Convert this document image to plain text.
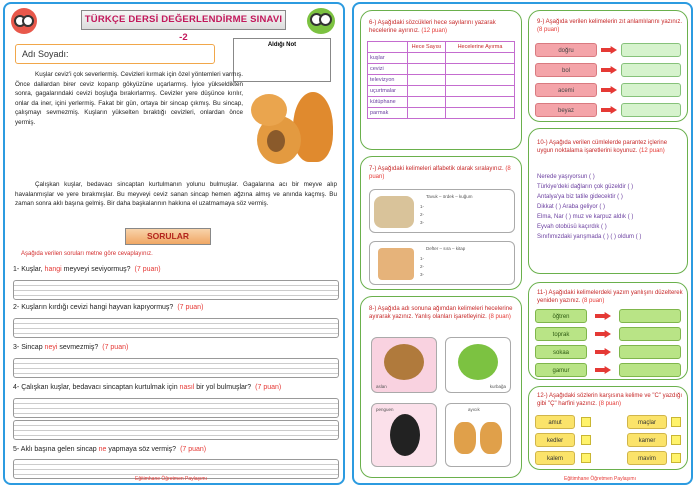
TÜRKÇE DERSİ DEĞERLENDİRME SINAVI -2
Adı Soyadı:
Aldığı Not
Kuşlar ceviz'i çok severlermiş. Cevizleri kırmak için özel yöntemleri varmış. Önce dallardan birer ceviz koparıp gökyüzüne uçarlarmış. İyice yükseldikten sonra, gagalarındaki cevizi boşluğa bırakırlarmış. Cevizler yere düşünce kırılır, onlar da iner, içini yerlermiş. Fakat bir gün, ortaya bir sincap çıkmış. Bu sincap, çalışmayı sevmezmiş. Kuşların yükselten bıraktığı cevizleri, onlardan önce yermiş.
Çalışkan kuşlar, bedavacı sincaptan kurtulmanın yolunu bulmuşlar. Gagalarına acı bir meyve alıp havalanmışlar ve yere bırakmışlar. Bu meyveyi ceviz sanan sincap hemen ağzına almış ve anında kaçmış. Bu zaman sonra aklı başına gelmiş. Bir daha başkalarının hakkına el uzatmamaya söz vermiş.
SORULAR
Aşağıda verilen soruları metne göre cevaplayınız.
1- Kuşlar, hangi meyveyi seviyormuş? (7 puan)
2- Kuşların kırdığı cevizi hangi hayvan kapıyormuş? (7 puan)
3- Sincap neyi sevmezmiş? (7 puan)
4- Çalışkan kuşlar, bedavacı sincaptan kurtulmak için nasıl bir yol bulmuşlar? (7 puan)
5- Aklı başına gelen sincap ne yapmaya söz vermiş? (7 puan)
Eğitimhane Öğretmen Paylaşımı
6-) Aşağıdaki sözcükleri hece sayılarını yazarak hecelerine ayırınız. (12 puan)
	Hece Sayısı	Hecelerine Ayırma
kuşlar		
cevizi		
televizyon		
uçurtmalar		
kütüphane		
parmak		
9-) Aşağıda verilen kelimelerin zıt anlamlılarını yazınız. (8 puan)
doğru
bol
acemi
beyaz
7-) Aşağıdaki kelimeleri alfabetik olarak sıralayınız. (8 puan)
Tavuk – ördek – kuğum
1-
2-
3-
Defter – sıra – kitap
1-
2-
3-
10-) Aşağıda verilen cümlelerde parantez içlerine uygun noktalama işaretlerini koyunuz. (12 puan)
Nerede yaşıyorsun ( )
Türkiye'deki dağların çok güzeldir ( )
Antalya'ya biz tatile gidecektir ( )
Dikkat ( ) Araba geliyor ( )
Elma, Nar ( ) muz ve karpuz aldık ( )
Eyvah otobüsü kaçırdık ( )
Sınıfımızdaki yarışmada ( ) ( ) oldum ( )
8-) Aşağıda adı sonuna ağımdan kelimeleri hecelerine ayırarak yazınız. Yanlış olanları işaretleyiniz. (8 puan)
aslan	kurbağa
penguen	ayıcık
11-) Aşağıdaki kelimelerdeki yazım yanlışını düzelterek yeniden yazınız. (8 puan)
öğtren
toprak
sokaa
gamur
12-) Aşağıdaki sözlerin karşısına kelime ve "C" yazdığı gibi "Ç" harfini yazınız. (8 puan)
amut	maçlar
kedler	kamer
kalem	mavim
Eğitimhane Öğretmen Paylaşımı
